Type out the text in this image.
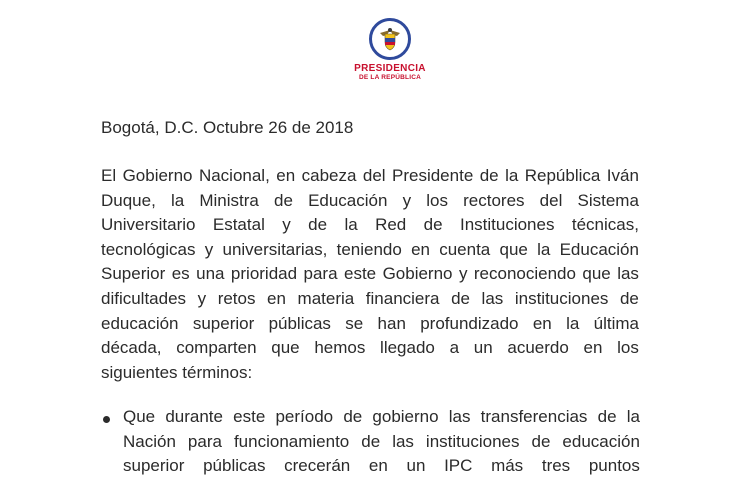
PRESIDENCIA
DE LA REPÚBLICA
Bogotá, D.C. Octubre 26 de 2018
El Gobierno Nacional, en cabeza del Presidente de la República Iván
Duque, la Ministra de Educación y los rectores del Sistema
Universitario Estatal y de la Red de Instituciones técnicas,
tecnológicas y universitarias, teniendo en cuenta que la Educación
Superior es una prioridad para este Gobierno y reconociendo que las
dificultades y retos en materia financiera de las instituciones de
educación superior públicas se han profundizado en la última
década, comparten que hemos llegado a un acuerdo en los
siguientes términos:
Que durante este período de gobierno las transferencias de la
Nación para funcionamiento de las instituciones de educación
superior públicas crecerán en un IPC más tres puntos
